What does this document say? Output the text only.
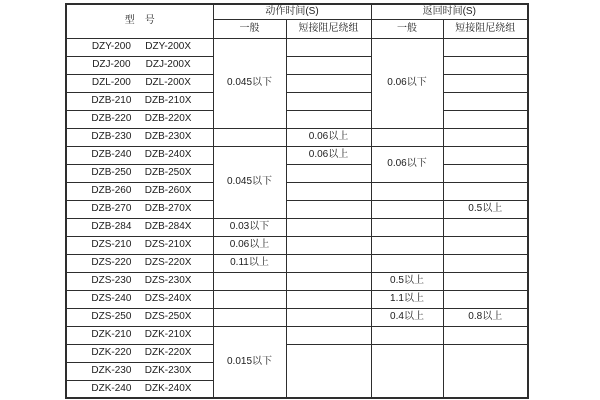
型　号	动作时间(S)		返回时间(S)	
	一般	短接阻尼绕组	一般	短接阻尼绕组

DZY-200 DZY-200X	0.045以下		0.06以下	

DZJ-200 DZJ-200X				

DZL-200 DZL-200X				

DZB-210 DZB-210X				

DZB-220 DZB-220X				

DZB-230 DZB-230X		0.06以上		

DZB-240 DZB-240X	0.045以下	0.06以上	0.06以下	

DZB-250 DZB-250X				

DZB-260 DZB-260X				

DZB-270 DZB-270X				0.5以上

DZB-284 DZB-284X	0.03以下			

DZS-210 DZS-210X	0.06以上			

DZS-220 DZS-220X	0.11以上			

DZS-230 DZS-230X			0.5以上	

DZS-240 DZS-240X			1.1以上	

DZS-250 DZS-250X			0.4以上	0.8以上

DZK-210 DZK-210X	0.015以下			

DZK-220 DZK-220X				

DZK-230 DZK-230X				

DZK-240 DZK-240X				
